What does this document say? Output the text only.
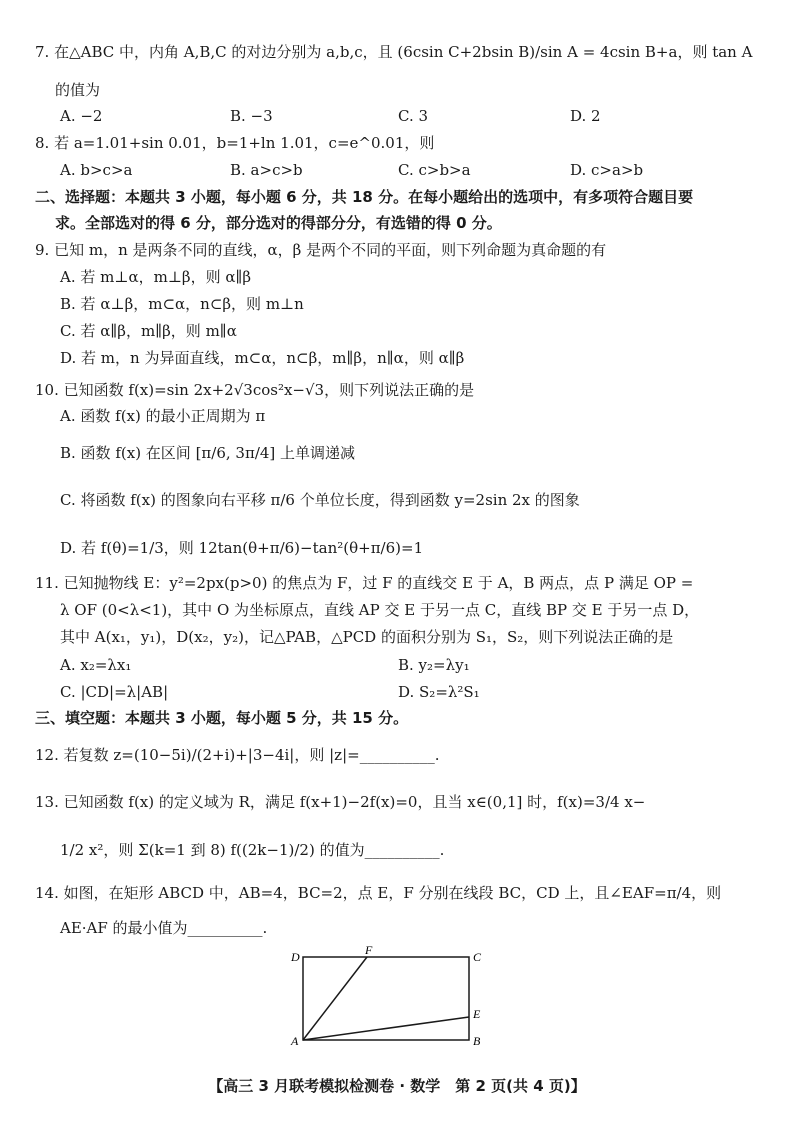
7. 在△ABC 中，内角 A,B,C 的对边分别为 a,b,c，且 (6csin C+2bsin B)/sin A = 4csin B+a，则 tan A
的值为
A. −2	B. −3	C. 3	D. 2
8. 若 a=1.01+sin 0.01，b=1+ln 1.01，c=e^0.01，则
A. b>c>a	B. a>c>b	C. c>b>a	D. c>a>b
二、选择题：本题共 3 小题，每小题 6 分，共 18 分。在每小题给出的选项中，有多项符合题目要
求。全部选对的得 6 分，部分选对的得部分分，有选错的得 0 分。
9. 已知 m，n 是两条不同的直线，α，β 是两个不同的平面，则下列命题为真命题的有
A. 若 m⊥α，m⊥β，则 α∥β
B. 若 α⊥β，m⊂α，n⊂β，则 m⊥n
C. 若 α∥β，m∥β，则 m∥α
D. 若 m，n 为异面直线，m⊂α，n⊂β，m∥β，n∥α，则 α∥β
10. 已知函数 f(x)=sin 2x+2√3cos²x−√3，则下列说法正确的是
A. 函数 f(x) 的最小正周期为 π
B. 函数 f(x) 在区间 [π/6, 3π/4] 上单调递减
C. 将函数 f(x) 的图象向右平移 π/6 个单位长度，得到函数 y=2sin 2x 的图象
D. 若 f(θ)=1/3，则 12tan(θ+π/6)−tan²(θ+π/6)=1
11. 已知抛物线 E：y²=2px(p>0) 的焦点为 F，过 F 的直线交 E 于 A，B 两点，点 P 满足 OP =
λ OF (0<λ<1)，其中 O 为坐标原点，直线 AP 交 E 于另一点 C，直线 BP 交 E 于另一点 D，
其中 A(x₁，y₁)，D(x₂，y₂)，记△PAB，△PCD 的面积分别为 S₁，S₂，则下列说法正确的是
A. x₂=λx₁	B. y₂=λy₁
C. |CD|=λ|AB|	D. S₂=λ²S₁
三、填空题：本题共 3 小题，每小题 5 分，共 15 分。
12. 若复数 z=(10−5i)/(2+i)+|3−4i|，则 |z|=__________.
13. 已知函数 f(x) 的定义域为 R，满足 f(x+1)−2f(x)=0，且当 x∈(0,1] 时，f(x)=3/4 x−
1/2 x²，则 Σ(k=1 到 8) f((2k−1)/2) 的值为__________.
14. 如图，在矩形 ABCD 中，AB=4，BC=2，点 E，F 分别在线段 BC，CD 上，且∠EAF=π/4，则
AE·AF 的最小值为__________.
A	B
C
D
E
F
【高三 3 月联考模拟检测卷 · 数学　第 2 页(共 4 页)】
